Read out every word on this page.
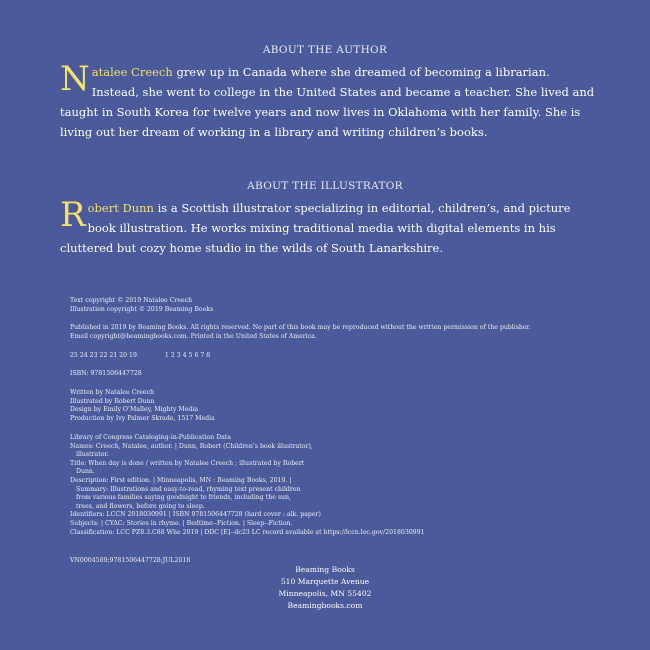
ABOUT THE AUTHOR

Natalee Creech grew up in Canada where she dreamed of becoming a librarian. Instead, she went to college in the United States and became a teacher. She lived and taught in South Korea for twelve years and now lives in Oklahoma with her family. She is living out her dream of working in a library and writing children’s books.

ABOUT THE ILLUSTRATOR

Robert Dunn is a Scottish illustrator specializing in editorial, children’s, and picture book illustration. He works mixing traditional media with digital elements in his cluttered but cozy home studio in the wilds of South Lanarkshire.

Text copyright © 2019 Natalee Creech
Illustration copyright © 2019 Beaming Books
Published in 2019 by Beaming Books. All rights reserved. No part of this book may be reproduced without the written permission of the publisher.
Email copyright@beamingbooks.com. Printed in the United States of America.
25 24 23 22 21 20 19	1 2 3 4 5 6 7 8
ISBN: 9781506447728
Written by Natalee Creech
Illustrated by Robert Dunn
Design by Emily O’Malley, Mighty Media
Production by Ivy Palmer Skrade, 1517 Media
Library of Congress Cataloging-in-Publication Data
Names: Creech, Natalee, author. | Dunn, Robert (Children’s book illustrator),
illustrator.
Title: When day is done / written by Natalee Creech ; illustrated by Robert
Dunn.
Description: First edition. | Minneapolis, MN : Beaming Books, 2019. |
Summary: Illustrations and easy-to-read, rhyming text present children
from various families saying goodnight to friends, including the sun,
trees, and flowers, before going to sleep.
Identifiers: LCCN 2018030991 | ISBN 9781506447728 (hard cover : alk. paper)
Subjects: | CYAC: Stories in rhyme. | Bedtime--Fiction. | Sleep--Fiction.
Classification: LCC PZ8.3.C88 Whe 2019 | DDC [E]--dc23 LC record available at https://lccn.loc.gov/2018030991
VN0004589;9781506447728;JUL2018
Beaming Books
510 Marquette Avenue
Minneapolis, MN 55402
Beamingbooks.com
